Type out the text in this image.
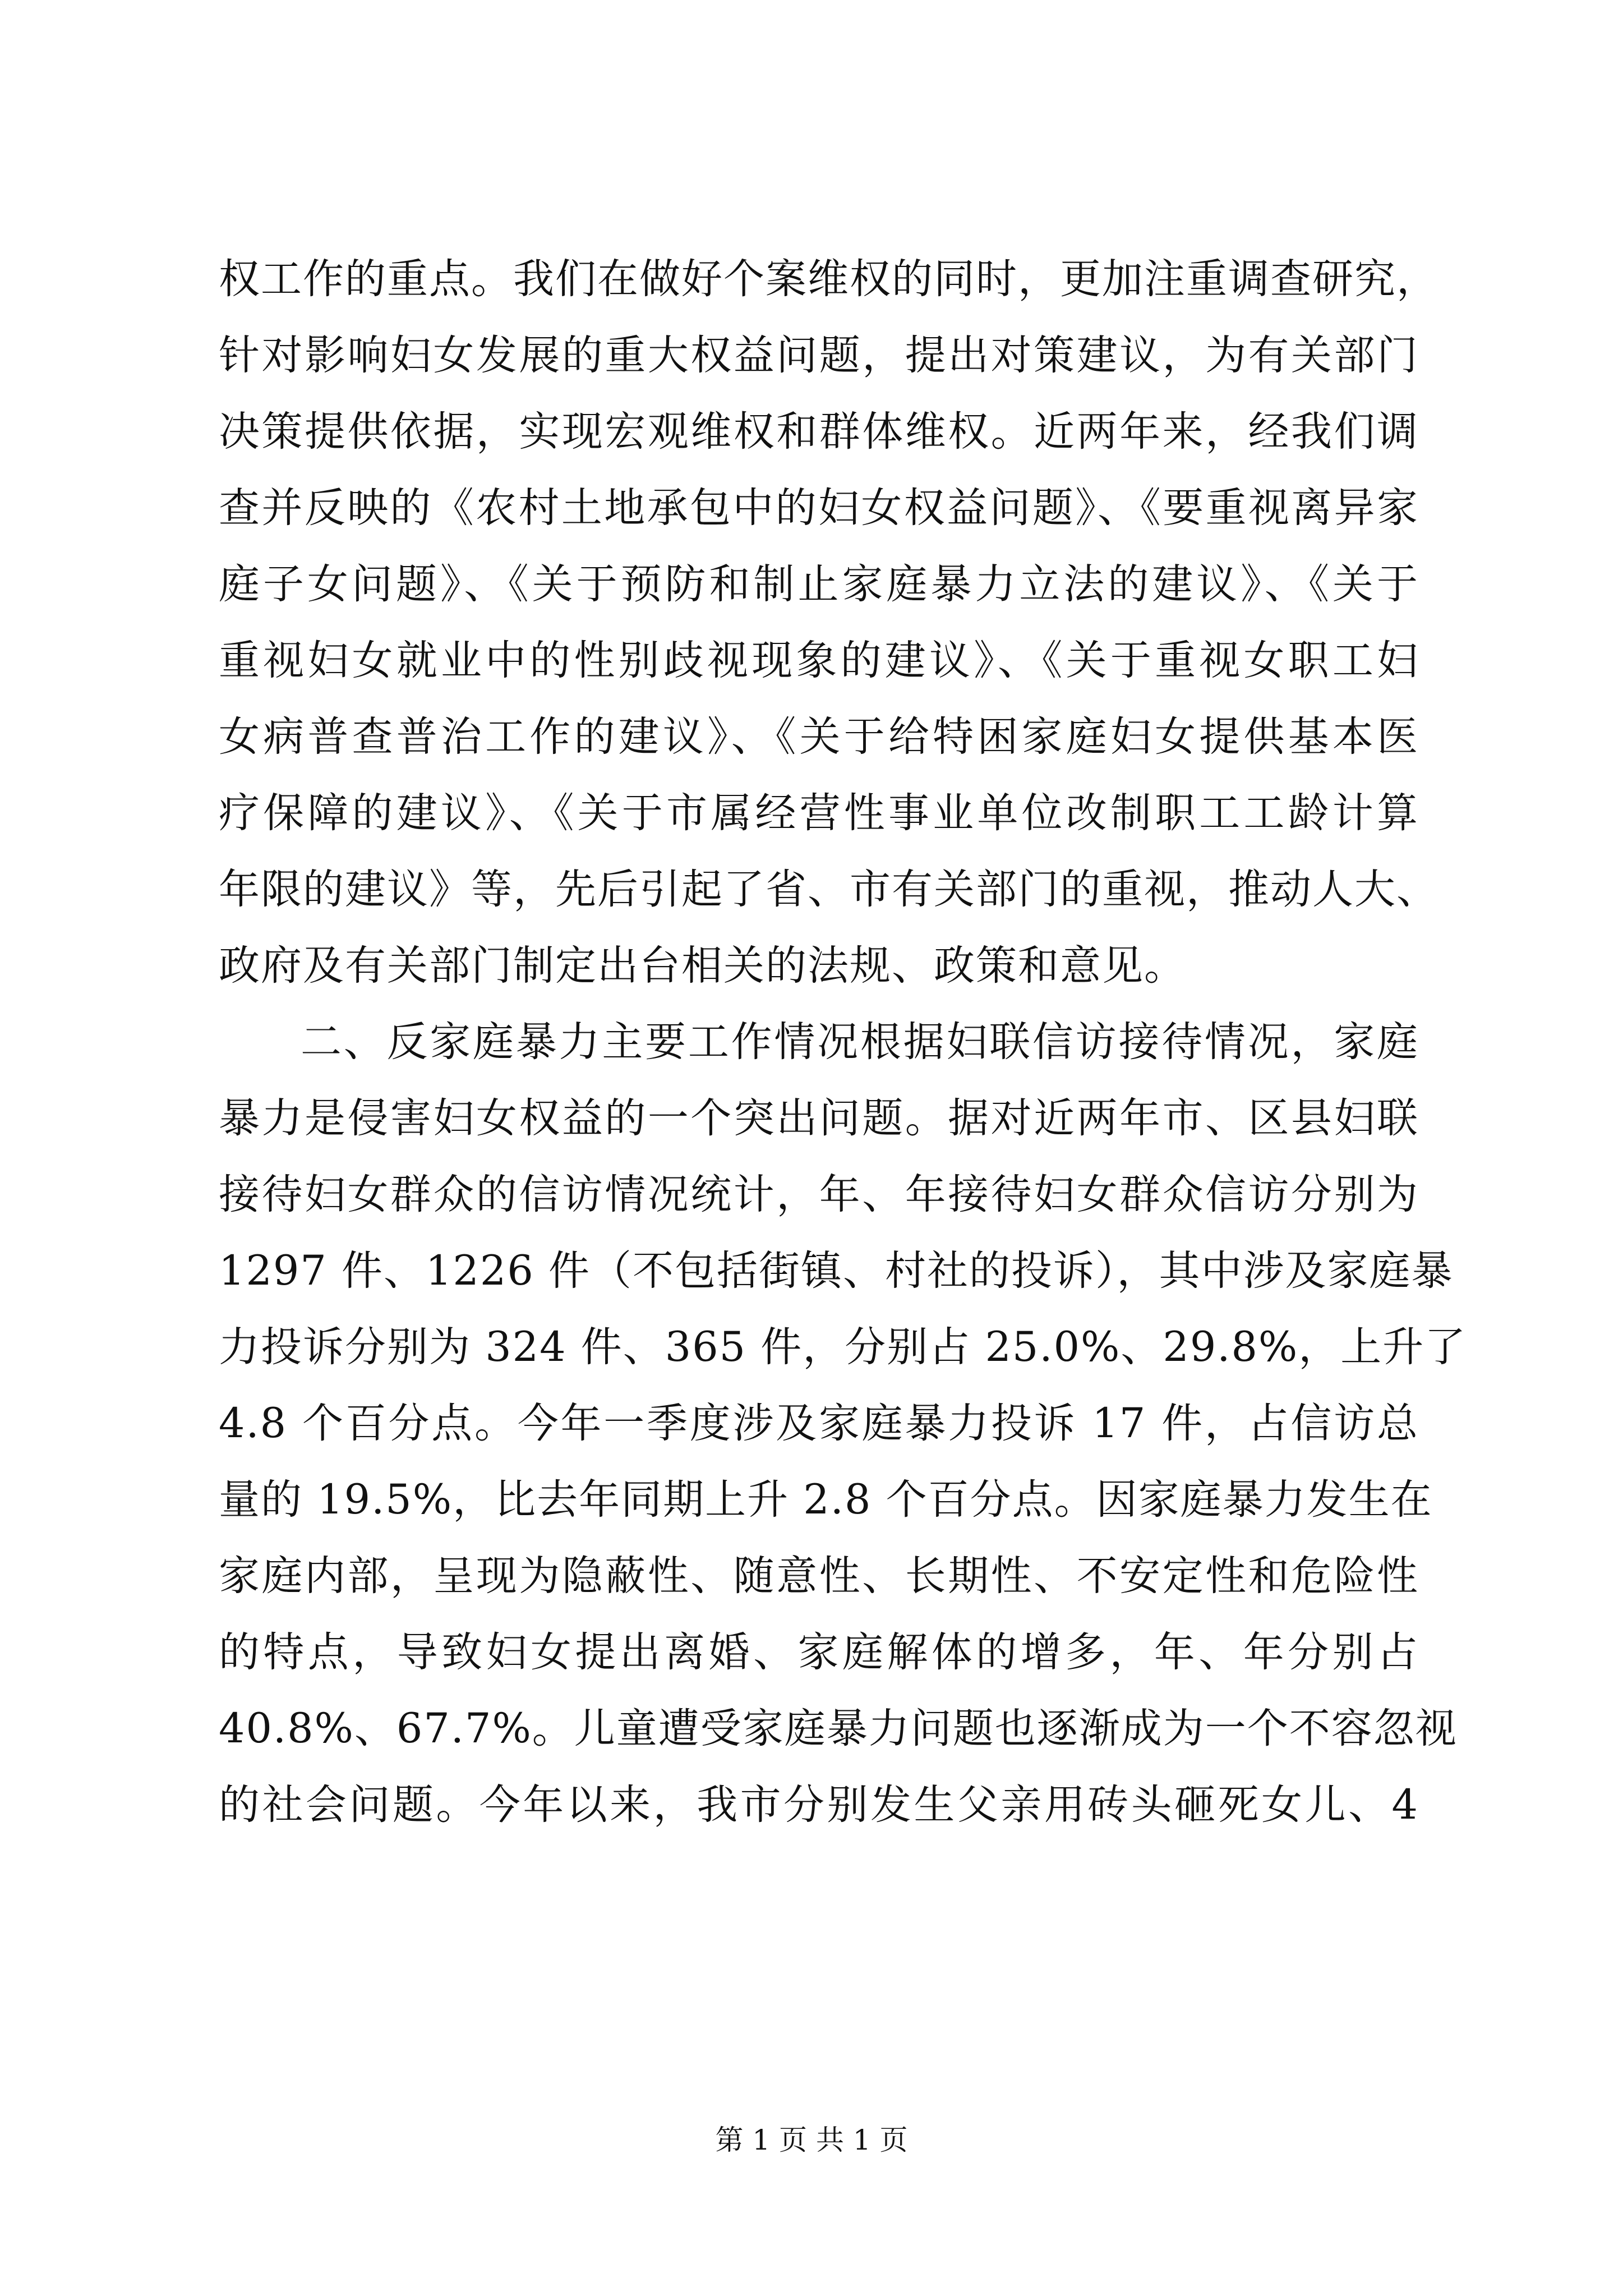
权工作的重点。我们在做好个案维权的同时，更加注重调查研究，
针对影响妇女发展的重大权益问题，提出对策建议，为有关部门
决策提供依据，实现宏观维权和群体维权。近两年来，经我们调
查并反映的《农村土地承包中的妇女权益问题》、《要重视离异家
庭子女问题》、《关于预防和制止家庭暴力立法的建议》、《关于
重视妇女就业中的性别歧视现象的建议》、《关于重视女职工妇
女病普查普治工作的建议》、《关于给特困家庭妇女提供基本医
疗保障的建议》、《关于市属经营性事业单位改制职工工龄计算
年限的建议》等，先后引起了省、市有关部门的重视，推动人大、
政府及有关部门制定出台相关的法规、政策和意见。
二、反家庭暴力主要工作情况根据妇联信访接待情况，家庭
暴力是侵害妇女权益的一个突出问题。据对近两年市、区县妇联
接待妇女群众的信访情况统计，年、年接待妇女群众信访分别为
1297 件、1226 件（不包括街镇、村社的投诉），其中涉及家庭暴
力投诉分别为 324 件、365 件，分别占 25.0%、29.8%，上升了
4.8 个百分点。今年一季度涉及家庭暴力投诉 17 件，占信访总
量的 19.5%，比去年同期上升 2.8 个百分点。因家庭暴力发生在
家庭内部，呈现为隐蔽性、随意性、长期性、不安定性和危险性
的特点，导致妇女提出离婚、家庭解体的增多，年、年分别占
40.8%、67.7%。儿童遭受家庭暴力问题也逐渐成为一个不容忽视
的社会问题。今年以来，我市分别发生父亲用砖头砸死女儿、4
第 1 页 共 1 页
